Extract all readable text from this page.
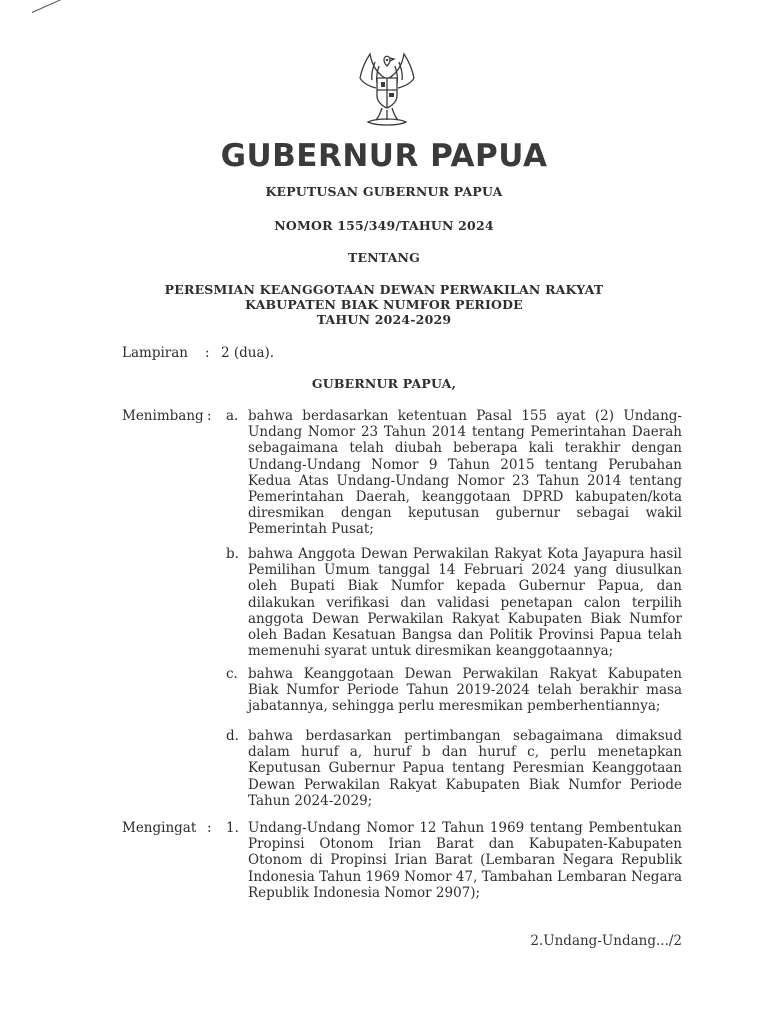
GUBERNUR PAPUA
KEPUTUSAN GUBERNUR PAPUA
NOMOR 155/349/TAHUN 2024
TENTANG
PERESMIAN KEANGGOTAAN DEWAN PERWAKILAN RAKYAT
KABUPATEN BIAK NUMFOR PERIODE
TAHUN 2024-2029
Lampiran : 2 (dua).
GUBERNUR PAPUA,
Menimbang : a. bahwa berdasarkan ketentuan Pasal 155 ayat (2) Undang-Undang Nomor 23 Tahun 2014 tentang Pemerintahan Daerah sebagaimana telah diubah beberapa kali terakhir dengan Undang-Undang Nomor 9 Tahun 2015 tentang Perubahan Kedua Atas Undang-Undang Nomor 23 Tahun 2014 tentang Pemerintahan Daerah, keanggotaan DPRD kabupaten/kota diresmikan dengan keputusan gubernur sebagai wakil Pemerintah Pusat;
b. bahwa Anggota Dewan Perwakilan Rakyat Kota Jayapura hasil Pemilihan Umum tanggal 14 Februari 2024 yang diusulkan oleh Bupati Biak Numfor kepada Gubernur Papua, dan dilakukan verifikasi dan validasi penetapan calon terpilih anggota Dewan Perwakilan Rakyat Kabupaten Biak Numfor oleh Badan Kesatuan Bangsa dan Politik Provinsi Papua telah memenuhi syarat untuk diresmikan keanggotaannya;
c. bahwa Keanggotaan Dewan Perwakilan Rakyat Kabupaten Biak Numfor Periode Tahun 2019-2024 telah berakhir masa jabatannya, sehingga perlu meresmikan pemberhentiannya;
d. bahwa berdasarkan pertimbangan sebagaimana dimaksud dalam huruf a, huruf b dan huruf c, perlu menetapkan Keputusan Gubernur Papua tentang Peresmian Keanggotaan Dewan Perwakilan Rakyat Kabupaten Biak Numfor Periode Tahun 2024-2029;
Mengingat : 1. Undang-Undang Nomor 12 Tahun 1969 tentang Pembentukan Propinsi Otonom Irian Barat dan Kabupaten-Kabupaten Otonom di Propinsi Irian Barat (Lembaran Negara Republik Indonesia Tahun 1969 Nomor 47, Tambahan Lembaran Negara Republik Indonesia Nomor 2907);
2.Undang-Undang.../2
